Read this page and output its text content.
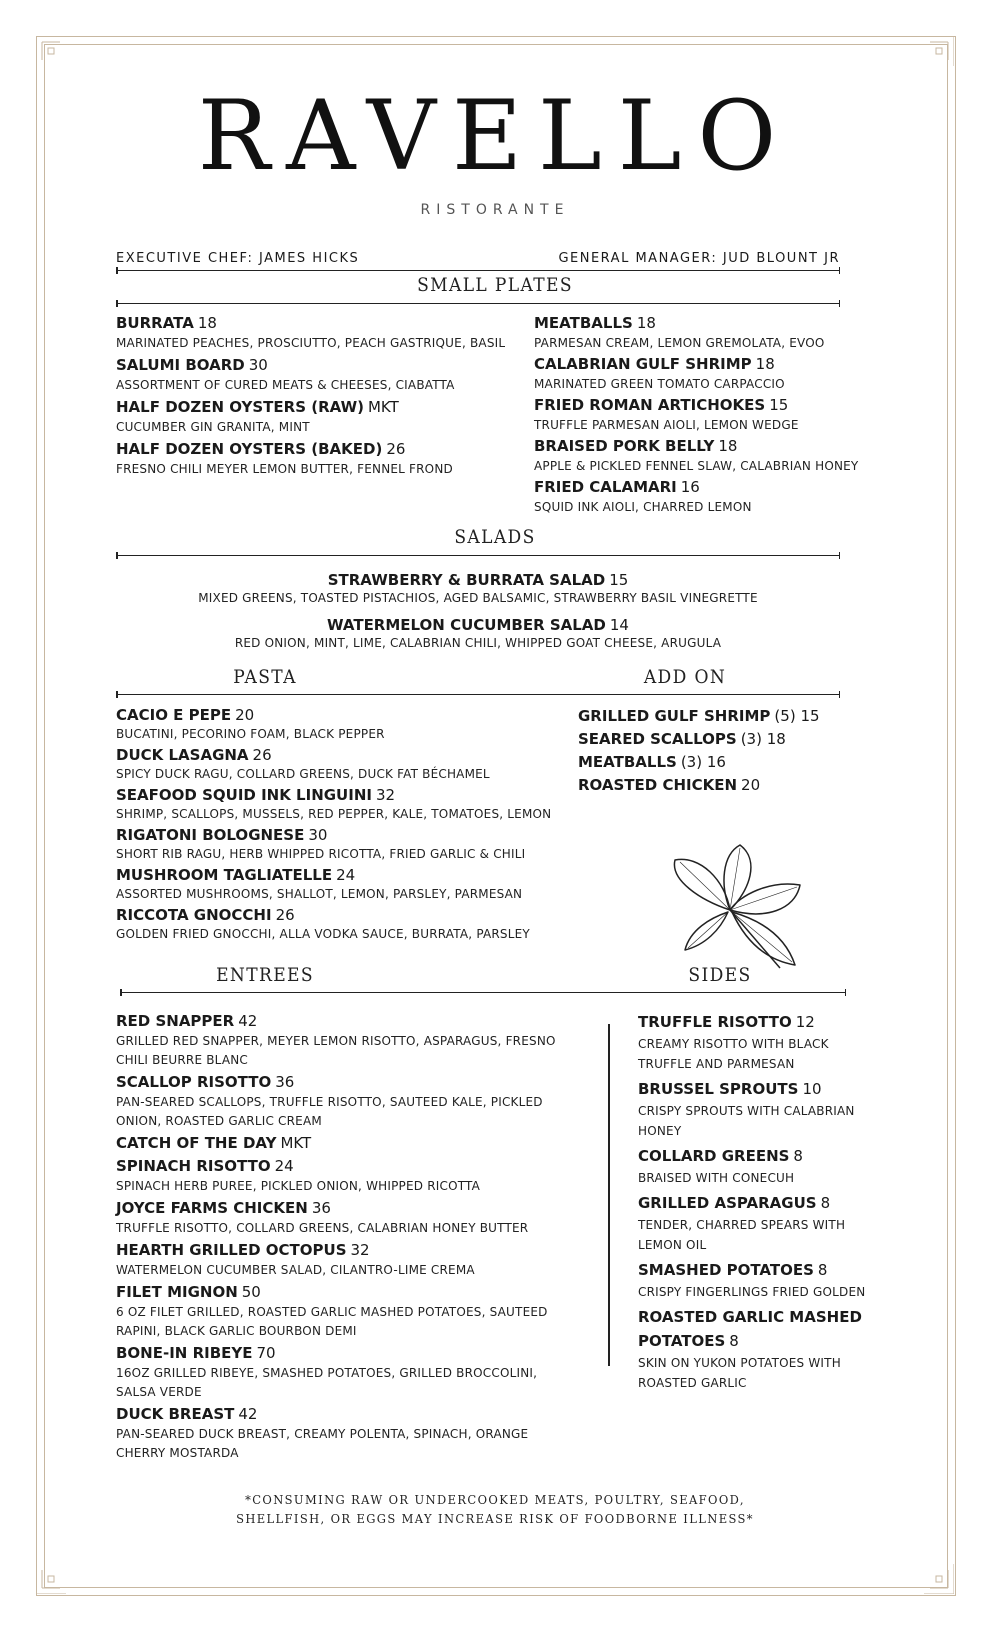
RAVELLO
RISTORANTE
EXECUTIVE CHEF: JAMES HICKS	GENERAL MANAGER: JUD BLOUNT JR
SMALL PLATES
BURRATA 18
MARINATED PEACHES, PROSCIUTTO, PEACH GASTRIQUE, BASIL
SALUMI BOARD 30
ASSORTMENT OF CURED MEATS & CHEESES, CIABATTA
HALF DOZEN OYSTERS (RAW) MKT
CUCUMBER GIN GRANITA, MINT
HALF DOZEN OYSTERS (BAKED) 26
FRESNO CHILI MEYER LEMON BUTTER, FENNEL FROND
MEATBALLS 18
PARMESAN CREAM, LEMON GREMOLATA, EVOO
CALABRIAN GULF SHRIMP 18
MARINATED GREEN TOMATO CARPACCIO
FRIED ROMAN ARTICHOKES 15
TRUFFLE PARMESAN AIOLI, LEMON WEDGE
BRAISED PORK BELLY 18
APPLE & PICKLED FENNEL SLAW, CALABRIAN HONEY
FRIED CALAMARI 16
SQUID INK AIOLI, CHARRED LEMON
SALADS
STRAWBERRY & BURRATA SALAD 15
MIXED GREENS, TOASTED PISTACHIOS, AGED BALSAMIC, STRAWBERRY BASIL VINEGRETTE
WATERMELON CUCUMBER SALAD 14
RED ONION, MINT, LIME, CALABRIAN CHILI, WHIPPED GOAT CHEESE, ARUGULA
PASTA	ADD ON
CACIO E PEPE 20
BUCATINI, PECORINO FOAM, BLACK PEPPER
DUCK LASAGNA 26
SPICY DUCK RAGU, COLLARD GREENS, DUCK FAT BÉCHAMEL
SEAFOOD SQUID INK LINGUINI 32
SHRIMP, SCALLOPS, MUSSELS, RED PEPPER, KALE, TOMATOES, LEMON
RIGATONI BOLOGNESE 30
SHORT RIB RAGU, HERB WHIPPED RICOTTA, FRIED GARLIC & CHILI
MUSHROOM TAGLIATELLE 24
ASSORTED MUSHROOMS, SHALLOT, LEMON, PARSLEY, PARMESAN
RICCOTA GNOCCHI 26
GOLDEN FRIED GNOCCHI, ALLA VODKA SAUCE, BURRATA, PARSLEY
GRILLED GULF SHRIMP (5) 15
SEARED SCALLOPS (3) 18
MEATBALLS (3) 16
ROASTED CHICKEN 20
ENTREES	SIDES
RED SNAPPER 42
GRILLED RED SNAPPER, MEYER LEMON RISOTTO, ASPARAGUS, FRESNO CHILI BEURRE BLANC
SCALLOP RISOTTO 36
PAN-SEARED SCALLOPS, TRUFFLE RISOTTO, SAUTEED KALE, PICKLED ONION, ROASTED GARLIC CREAM
CATCH OF THE DAY MKT
SPINACH RISOTTO 24
SPINACH HERB PUREE, PICKLED ONION, WHIPPED RICOTTA
JOYCE FARMS CHICKEN 36
TRUFFLE RISOTTO, COLLARD GREENS, CALABRIAN HONEY BUTTER
HEARTH GRILLED OCTOPUS 32
WATERMELON CUCUMBER SALAD, CILANTRO-LIME CREMA
FILET MIGNON 50
6 OZ FILET GRILLED, ROASTED GARLIC MASHED POTATOES, SAUTEED RAPINI, BLACK GARLIC BOURBON DEMI
BONE-IN RIBEYE 70
16OZ GRILLED RIBEYE, SMASHED POTATOES, GRILLED BROCCOLINI, SALSA VERDE
DUCK BREAST 42
PAN-SEARED DUCK BREAST, CREAMY POLENTA, SPINACH, ORANGE CHERRY MOSTARDA
TRUFFLE RISOTTO 12
CREAMY RISOTTO WITH BLACK TRUFFLE AND PARMESAN
BRUSSEL SPROUTS 10
CRISPY SPROUTS WITH CALABRIAN HONEY
COLLARD GREENS 8
BRAISED WITH CONECUH
GRILLED ASPARAGUS 8
TENDER, CHARRED SPEARS WITH LEMON OIL
SMASHED POTATOES 8
CRISPY FINGERLINGS FRIED GOLDEN
ROASTED GARLIC MASHED POTATOES 8
SKIN ON YUKON POTATOES WITH ROASTED GARLIC
*CONSUMING RAW OR UNDERCOOKED MEATS, POULTRY, SEAFOOD,
SHELLFISH, OR EGGS MAY INCREASE RISK OF FOODBORNE ILLNESS*
